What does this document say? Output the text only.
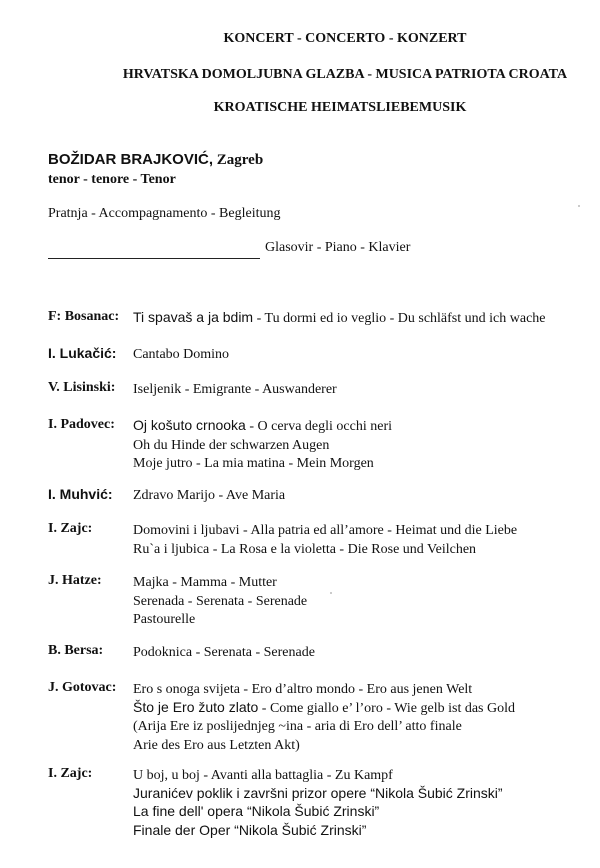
KONCERT - CONCERTO - KONZERT
HRVATSKA DOMOLJUBNA GLAZBA - MUSICA PATRIOTA CROATA
KROATISCHE HEIMATSLIEBEMUSIK
BOŽIDAR BRAJKOVIĆ, Zagreb
tenor - tenore - Tenor
Pratnja - Accompagnamento - Begleitung
Glasovir - Piano - Klavier
F: Bosanac: Ti spavaš a ja bdim - Tu dormi ed io veglio - Du schläfst und ich wache
I. Lukačić: Cantabo Domino
V. Lisinski: Iseljenik - Emigrante - Auswanderer
I. Padovec: Oj košuto crnooka - O cerva degli occhi neri
Oh du Hinde der schwarzen Augen
Moje jutro - La mia matina - Mein Morgen
I. Muhvić: Zdravo Marijo - Ave Maria
I. Zajc:	Domovini i ljubavi - Alla patria ed all’amore - Heimat und die Liebe
Ru`a i ljubica - La Rosa e la violetta - Die Rose und Veilchen
J. Hatze: Majka - Mamma - Mutter
Serenada - Serenata - Serenade
Pastourelle
B. Bersa: Podoknica - Serenata - Serenade
J. Gotovac: Ero s onoga svijeta - Ero d’altro mondo - Ero aus jenen Welt
Što je Ero žuto zlato - Come giallo e’ l’oro - Wie gelb ist das Gold
(Arija Ere iz poslijednjeg ~ina - aria di Ero dell’ atto finale
Arie des Ero aus Letzten Akt)
I. Zajc:	U boj, u boj - Avanti alla battaglia - Zu Kampf
Juranićev poklik i završni prizor opere “Nikola Šubić Zrinski”
La fine dell' opera “Nikola Šubić Zrinski”
Finale der Oper “Nikola Šubić Zrinski”
